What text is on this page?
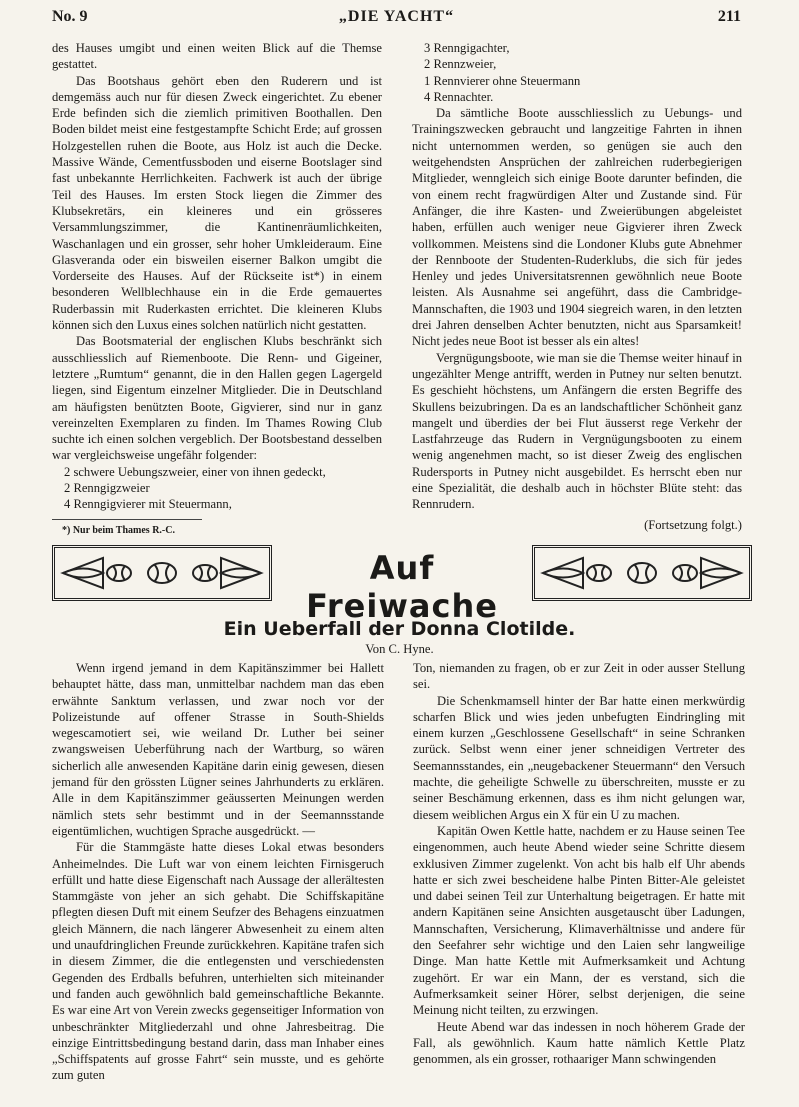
No. 9	„DIE YACHT“	211

des Hauses umgibt und einen weiten Blick auf die Themse gestattet.

Das Bootshaus gehört eben den Ruderern und ist demgemäss auch nur für diesen Zweck eingerichtet. Zu ebener Erde befinden sich die ziemlich primitiven Boothallen. Den Boden bildet meist eine festgestampfte Schicht Erde; auf grossen Holzgestellen ruhen die Boote, aus Holz ist auch die Decke. Massive Wände, Cementfussboden und eiserne Bootslager sind fast unbekannte Herrlichkeiten. Fachwerk ist auch der übrige Teil des Hauses. Im ersten Stock liegen die Zimmer des Klubsekretärs, ein kleineres und ein grösseres Versammlungszimmer, die Kantinenräumlichkeiten, Waschanlagen und ein grosser, sehr hoher Umkleideraum. Eine Glasveranda oder ein bisweilen eiserner Balkon umgibt die Vorderseite des Hauses. Auf der Rückseite ist*) in einem besonderen Wellblechhause ein in die Erde gemauertes Ruderbassin mit Ruderkasten errichtet. Die kleineren Klubs können sich den Luxus eines solchen natürlich nicht gestatten.

Das Bootsmaterial der englischen Klubs beschränkt sich ausschliesslich auf Riemenboote. Die Renn- und Gigeiner, letztere „Rumtum“ genannt, die in den Hallen gegen Lagergeld liegen, sind Eigentum einzelner Mitglieder. Die in Deutschland am häufigsten benützten Boote, Gigvierer, sind nur in ganz vereinzelten Exemplaren zu finden. Im Thames Rowing Club suchte ich einen solchen vergeblich. Der Bootsbestand desselben war vergleichsweise ungefähr folgender:

2 schwere Uebungszweier, einer von ihnen gedeckt,

2 Renngigzweier

4 Renngigvierer mit Steuermann,

*) Nur beim Thames R.-C.

3 Renngigachter,

2 Rennzweier,

1 Rennvierer ohne Steuermann

4 Rennachter.

Da sämtliche Boote ausschliesslich zu Uebungs- und Trainingszwecken gebraucht und langzeitige Fahrten in ihnen nicht unternommen werden, so genügen sie auch den weitgehendsten Ansprüchen der zahlreichen ruderbegierigen Mitglieder, wenngleich sich einige Boote darunter befinden, die von einem recht fragwürdigen Alter und Zustande sind. Für Anfänger, die ihre Kasten- und Zweierübungen abgeleistet haben, erfüllen auch weniger neue Gigvierer ihren Zweck vollkommen. Meistens sind die Londoner Klubs gute Abnehmer der Rennboote der Studenten-Ruderklubs, die sich für jedes Henley und jedes Universitatsrennen gewöhnlich neue Boote leisten. Als Ausnahme sei angeführt, dass die Cambridge-Mannschaften, die 1903 und 1904 siegreich waren, in den letzten drei Jahren denselben Achter benutzten, nicht aus Sparsamkeit! Nicht jedes neue Boot ist besser als ein altes!

Vergnügungsboote, wie man sie die Themse weiter hinauf in ungezählter Menge antrifft, werden in Putney nur selten benutzt. Es geschieht höchstens, um Anfängern die ersten Begriffe des Skullens beizubringen. Da es an landschaftlicher Schönheit ganz mangelt und überdies der bei Flut äusserst rege Verkehr der Lastfahrzeuge das Rudern in Vergnügungsbooten zu einem wenig angenehmen macht, so ist dieser Zweig des englischen Rudersports in Putney nicht ausgebildet. Es herrscht eben nur eine Spezialität, die deshalb auch in höchster Blüte steht: das Rennrudern.

(Fortsetzung folgt.)
Auf Freiwache
Ein Ueberfall der Donna Clotilde.
Von C. Hyne.

Wenn irgend jemand in dem Kapitänszimmer bei Hallett behauptet hätte, dass man, unmittelbar nachdem man das eben erwähnte Sanktum verlassen, und zwar noch vor der Polizeistunde auf offener Strasse in South-Shields wegescamotiert sei, wie weiland Dr. Luther bei seiner zwangsweisen Ueberführung nach der Wartburg, so wären sicherlich alle anwesenden Kapitäne darin einig gewesen, diesen jemand für den grössten Lügner seines Jahrhunderts zu erklären. Alle in dem Kapitänszimmer geäusserten Meinungen werden nämlich stets sehr bestimmt und in der Seemannsstande eigentümlichen, wuchtigen Sprache ausgedrückt. —

Für die Stammgäste hatte dieses Lokal etwas besonders Anheimelndes. Die Luft war von einem leichten Firnisgeruch erfüllt und hatte diese Eigenschaft nach Aussage der allerältesten Stammgäste von jeher an sich gehabt. Die Schiffskapitäne pflegten diesen Duft mit einem Seufzer des Behagens einzuatmen gleich Männern, die nach längerer Abwesenheit zu einem alten und unaufdringlichen Freunde zurückkehren. Kapitäne trafen sich in diesem Zimmer, die die entlegensten und verschiedensten Gegenden des Erdballs befuhren, unterhielten sich miteinander und fanden auch gewöhnlich bald gemeinschaftliche Bekannte. Es war eine Art von Verein zwecks gegenseitiger Information von unbeschränkter Mitgliederzahl und ohne Jahresbeitrag. Die einzige Eintrittsbedingung bestand darin, dass man Inhaber eines „Schiffspatents auf grosse Fahrt“ sein musste, und es gehörte zum guten

Ton, niemanden zu fragen, ob er zur Zeit in oder ausser Stellung sei.

Die Schenkmamsell hinter der Bar hatte einen merkwürdig scharfen Blick und wies jeden unbefugten Eindringling mit einem kurzen „Geschlossene Gesellschaft“ in seine Schranken zurück. Selbst wenn einer jener schneidigen Vertreter des Seemannsstandes, ein „neugebackener Steuermann“ den Versuch machte, die geheiligte Schwelle zu überschreiten, musste er zu seiner Beschämung erkennen, dass es ihm nicht gelungen war, diesem weiblichen Argus ein X für ein U zu machen.

Kapitän Owen Kettle hatte, nachdem er zu Hause seinen Tee eingenommen, auch heute Abend wieder seine Schritte diesem exklusiven Zimmer zugelenkt. Von acht bis halb elf Uhr abends hatte er sich zwei bescheidene halbe Pinten Bitter-Ale geleistet und dabei seinen Teil zur Unterhaltung beigetragen. Er hatte mit andern Kapitänen seine Ansichten ausgetauscht über Ladungen, Mannschaften, Versicherung, Klimaverhältnisse und andere für den Seefahrer sehr wichtige und den Laien sehr langweilige Dinge. Man hatte Kettle mit Aufmerksamkeit und Achtung zugehört. Er war ein Mann, der es verstand, sich die Aufmerksamkeit seiner Hörer, selbst derjenigen, die seine Meinung nicht teilten, zu erzwingen.

Heute Abend war das indessen in noch höherem Grade der Fall, als gewöhnlich. Kaum hatte nämlich Kettle Platz genommen, als ein grosser, rothaariger Mann schwingenden
